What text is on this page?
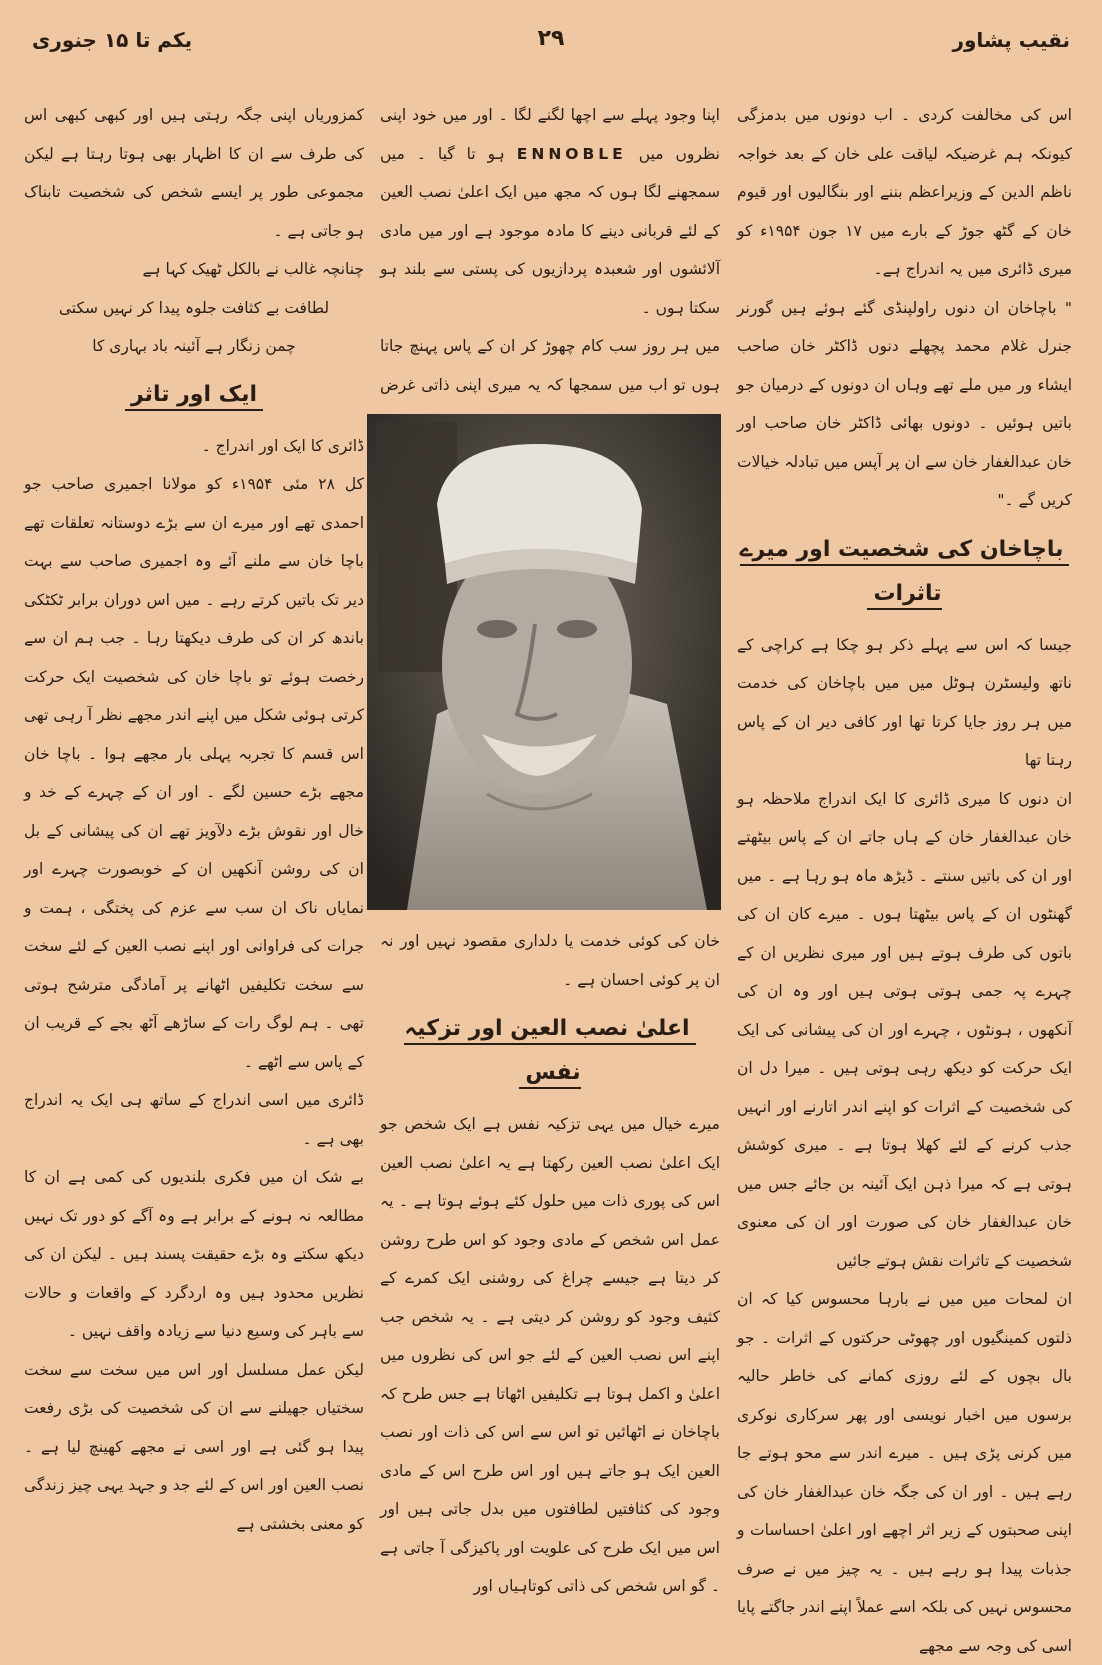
نقیب پشاور
۲۹
یکم تا ۱۵ جنوری

اس کی مخالفت کردی ۔ اب دونوں میں بدمزگی کیونکہ ہم غرضیکہ لیاقت علی خان کے بعد خواجہ ناظم الدین کے وزیراعظم بننے اور بنگالیوں اور قیوم خان کے گٹھ جوڑ کے بارے میں ۱۷ جون ۱۹۵۴ء کو میری ڈائری میں یہ اندراج ہے۔

" باچاخان ان دنوں راولپنڈی گئے ہوئے ہیں گورنر جنرل غلام محمد پچھلے دنوں ڈاکٹر خان صاحب ایشاء ور میں ملے تھے وہاں ان دونوں کے درمیان جو باتیں ہوئیں ۔ دونوں بھائی ڈاکٹر خان صاحب اور خان عبدالغفار خان سے ان پر آپس میں تبادلہ خیالات کریں گے ۔"

باچاخان کی شخصیت اور میرے تاثرات

جیسا کہ اس سے پہلے ذکر ہو چکا ہے کراچی کے ناتھ ولیسٹرن ہوٹل میں میں باچاخان کی خدمت میں ہر روز جایا کرتا تھا اور کافی دیر ان کے پاس رہتا تھا

ان دنوں کا میری ڈائری کا ایک اندراج ملاحظہ ہو خان عبدالغفار خان کے ہاں جاتے ان کے پاس بیٹھتے اور ان کی باتیں سنتے ۔ ڈیڑھ ماہ ہو رہا ہے ۔ میں گھنٹوں ان کے پاس بیٹھتا ہوں ۔ میرے کان ان کی باتوں کی طرف ہوتے ہیں اور میری نظریں ان کے چہرے پہ جمی ہوتی ہوتی ہیں اور وہ ان کی آنکھوں ، ہونٹوں ، چہرے اور ان کی پیشانی کی ایک ایک حرکت کو دیکھ رہی ہوتی ہیں ۔ میرا دل ان کی شخصیت کے اثرات کو اپنے اندر اتارنے اور انہیں جذب کرنے کے لئے کھلا ہوتا ہے ۔ میری کوشش ہوتی ہے کہ میرا ذہن ایک آئینہ بن جائے جس میں خان عبدالغفار خان کی صورت اور ان کی معنوی شخصیت کے تاثرات نقش ہوتے جائیں

ان لمحات میں میں نے بارہا محسوس کیا کہ ان ذلتوں کمینگیوں اور چھوٹی حرکتوں کے اثرات ۔ جو بال بچوں کے لئے روزی کمانے کی خاطر حالیہ برسوں میں اخبار نویسی اور پھر سرکاری نوکری میں کرنی پڑی ہیں ۔ میرے اندر سے محو ہوتے جا رہے ہیں ۔ اور ان کی جگہ خان عبدالغفار خان کی اپنی صحبتوں کے زیر اثر اچھے اور اعلیٰ احساسات و جذبات پیدا ہو رہے ہیں ۔ یہ چیز میں نے صرف محسوس نہیں کی بلکہ اسے عملاً اپنے اندر جاگتے پایا اسی کی وجہ سے مجھے

اپنا وجود پہلے سے اچھا لگنے لگا ۔ اور میں خود اپنی نظروں میں ENNOBLE ہو تا گیا ۔ میں سمجھنے لگا ہوں کہ مجھ میں ایک اعلیٰ نصب العین کے لئے قربانی دینے کا مادہ موجود ہے اور میں مادی آلائشوں اور شعبدہ پردازیوں کی پستی سے بلند ہو سکتا ہوں ۔

میں ہر روز سب کام چھوڑ کر ان کے پاس پہنچ جاتا ہوں تو اب میں سمجھا کہ یہ میری اپنی ذاتی غرض

خان کی کوئی خدمت یا دلداری مقصود نہیں اور نہ ان پر کوئی احسان ہے ۔

اعلیٰ نصب العین اور تزکیہ نفس

میرے خیال میں یہی تزکیہ نفس ہے ایک شخص جو ایک اعلیٰ نصب العین رکھتا ہے یہ اعلیٰ نصب العین اس کی پوری ذات میں حلول کئے ہوئے ہوتا ہے ۔ یہ عمل اس شخص کے مادی وجود کو اس طرح روشن کر دیتا ہے جیسے چراغ کی روشنی ایک کمرے کے کثیف وجود کو روشن کر دیتی ہے ۔ یہ شخص جب اپنے اس نصب العین کے لئے جو اس کی نظروں میں اعلیٰ و اکمل ہوتا ہے تکلیفیں اٹھاتا ہے جس طرح کہ باچاخان نے اٹھائیں تو اس سے اس کی ذات اور نصب العین ایک ہو جاتے ہیں اور اس طرح اس کے مادی وجود کی کثافتیں لطافتوں میں بدل جاتی ہیں اور اس میں ایک طرح کی علویت اور پاکیزگی آ جاتی ہے ۔ گو اس شخص کی ذاتی کوتاہیاں اور

کمزوریاں اپنی جگہ رہتی ہیں اور کبھی کبھی اس کی طرف سے ان کا اظہار بھی ہوتا رہتا ہے لیکن مجموعی طور پر ایسے شخص کی شخصیت تابناک ہو جاتی ہے ۔

چنانچہ غالب نے بالکل ٹھیک کہا ہے

لطافت بے کثافت جلوہ پیدا کر نہیں سکتی
چمن زنگار ہے آئینہ باد بہاری کا
ایک اور تاثر

ڈائری کا ایک اور اندراج ۔

کل ۲۸ مئی ۱۹۵۴ء کو مولانا اجمیری صاحب جو احمدی تھے اور میرے ان سے بڑے دوستانہ تعلقات تھے باچا خان سے ملنے آئے وہ اجمیری صاحب سے بہت دیر تک باتیں کرتے رہے ۔ میں اس دوران برابر ٹکٹکی باندھ کر ان کی طرف دیکھتا رہا ۔ جب ہم ان سے رخصت ہوئے تو باچا خان کی شخصیت ایک حرکت کرتی ہوئی شکل میں اپنے اندر مجھے نظر آ رہی تھی اس قسم کا تجربہ پہلی بار مجھے ہوا ۔ باچا خان مجھے بڑے حسین لگے ۔ اور ان کے چہرے کے خد و خال اور نقوش بڑے دلآویز تھے ان کی پیشانی کے بل ان کی روشن آنکھیں ان کے خوبصورت چہرے اور نمایاں ناک ان سب سے عزم کی پختگی ، ہمت و جرات کی فراوانی اور اپنے نصب العین کے لئے سخت سے سخت تکلیفیں اٹھانے پر آمادگی مترشح ہوتی تھی ۔ ہم لوگ رات کے ساڑھے آٹھ بجے کے قریب ان کے پاس سے اٹھے ۔

ڈائری میں اسی اندراج کے ساتھ ہی ایک یہ اندراج بھی ہے ۔

بے شک ان میں فکری بلندیوں کی کمی ہے ان کا مطالعہ نہ ہونے کے برابر ہے وہ آگے کو دور تک نہیں دیکھ سکتے وہ بڑے حقیقت پسند ہیں ۔ لیکن ان کی نظریں محدود ہیں وہ اردگرد کے واقعات و حالات سے باہر کی وسیع دنیا سے زیادہ واقف نہیں ۔

لیکن عمل مسلسل اور اس میں سخت سے سخت سختیاں جھیلنے سے ان کی شخصیت کی بڑی رفعت پیدا ہو گئی ہے اور اسی نے مجھے کھینچ لیا ہے ۔ نصب العین اور اس کے لئے جد و جہد یہی چیز زندگی کو معنی بخشتی ہے
